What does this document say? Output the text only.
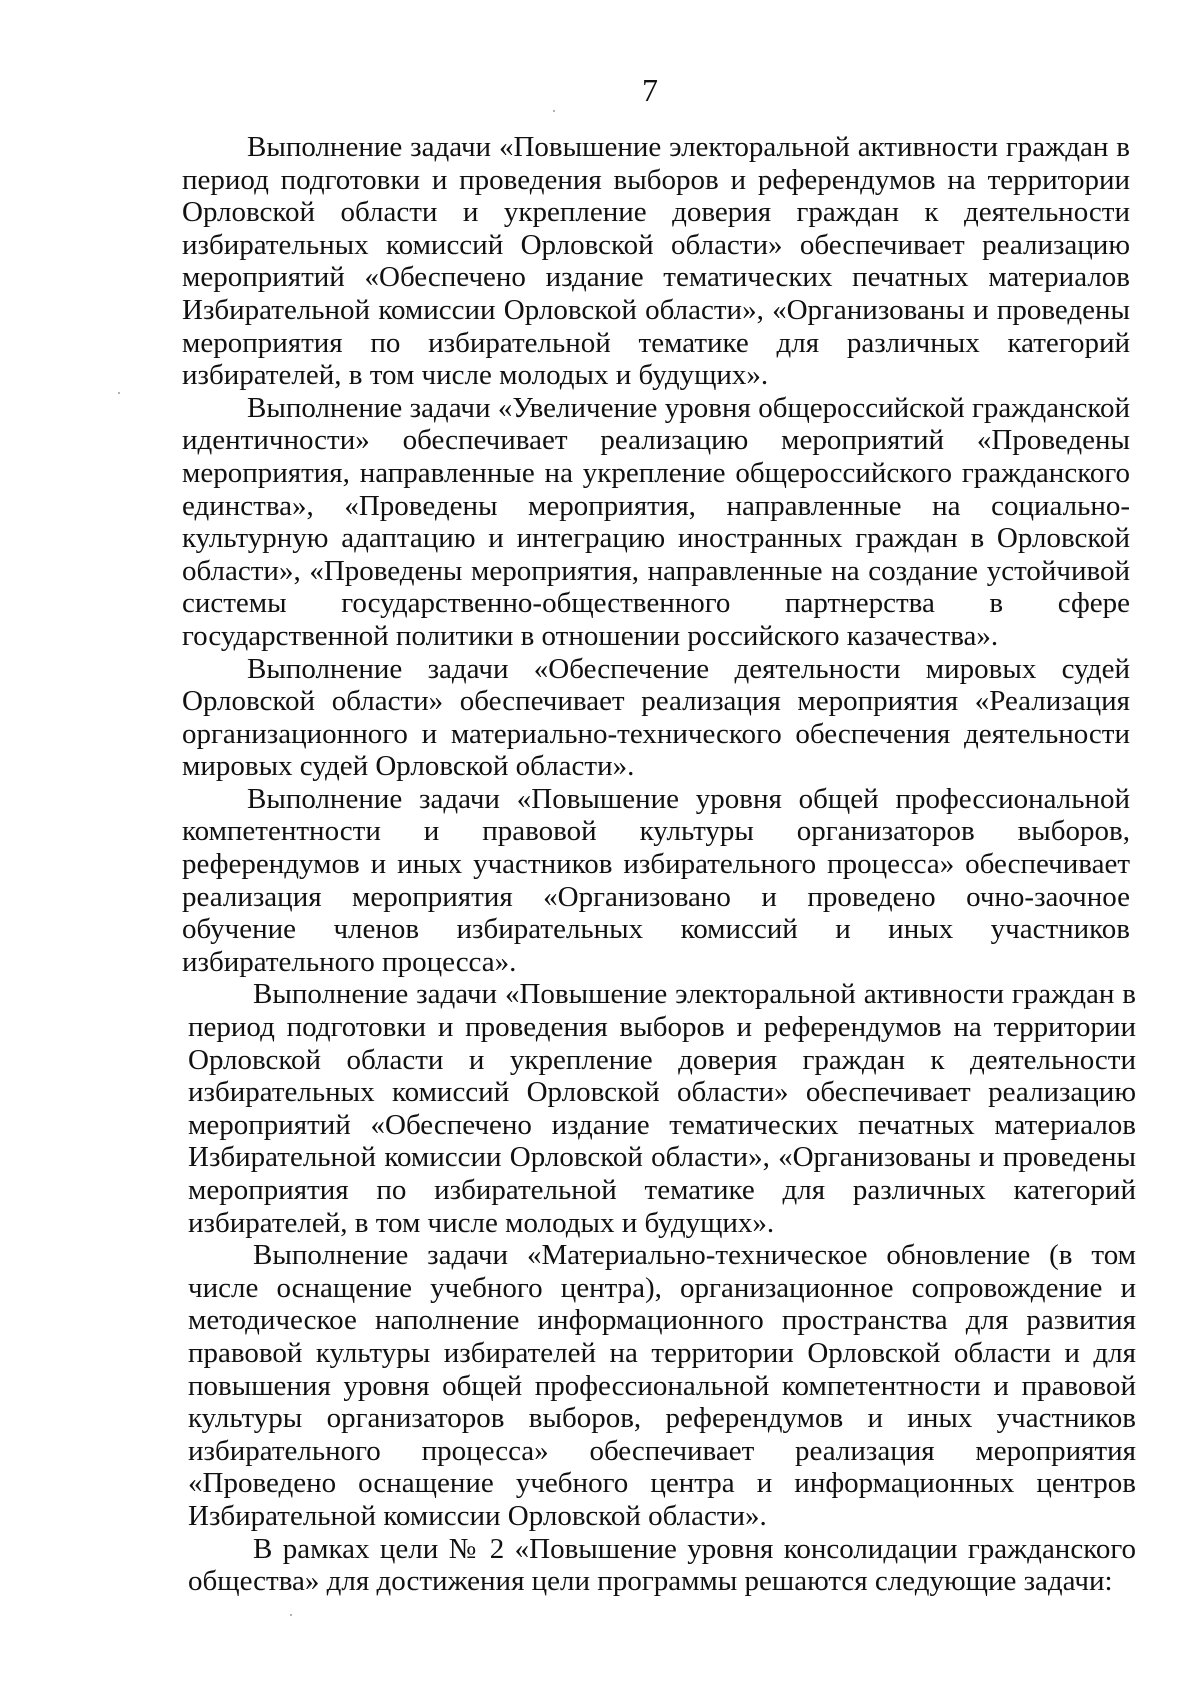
7

Выполнение задачи «Повышение электоральной активности граждан в период подготовки и проведения выборов и референдумов на территории Орловской области и укрепление доверия граждан к деятельности избирательных комиссий Орловской области» обеспечивает реализацию мероприятий «Обеспечено издание тематических печатных материалов Избирательной комиссии Орловской области», «Организованы и проведены мероприятия по избирательной тематике для различных категорий избирателей, в том числе молодых и будущих».

Выполнение задачи «Увеличение уровня общероссийской гражданской идентичности» обеспечивает реализацию мероприятий «Проведены мероприятия, направленные на укрепление общероссийского гражданского единства», «Проведены мероприятия, направленные на социально-культурную адаптацию и интеграцию иностранных граждан в Орловской области», «Проведены мероприятия, направленные на создание устойчивой системы государственно-общественного партнерства в сфере государственной политики в отношении российского казачества».

Выполнение задачи «Обеспечение деятельности мировых судей Орловской области» обеспечивает реализация мероприятия «Реализация организационного и материально-технического обеспечения деятельности мировых судей Орловской области».

Выполнение задачи «Повышение уровня общей профессиональной компетентности и правовой культуры организаторов выборов, референдумов и иных участников избирательного процесса» обеспечивает реализация мероприятия «Организовано и проведено очно-заочное обучение членов избирательных комиссий и иных участников избирательного процесса».

Выполнение задачи «Повышение электоральной активности граждан в период подготовки и проведения выборов и референдумов на территории Орловской области и укрепление доверия граждан к деятельности избирательных комиссий Орловской области» обеспечивает реализацию мероприятий «Обеспечено издание тематических печатных материалов Избирательной комиссии Орловской области», «Организованы и проведены мероприятия по избирательной тематике для различных категорий избирателей, в том числе молодых и будущих».

Выполнение задачи «Материально-техническое обновление (в том числе оснащение учебного центра), организационное сопровождение и методическое наполнение информационного пространства для развития правовой культуры избирателей на территории Орловской области и для повышения уровня общей профессиональной компетентности и правовой культуры организаторов выборов, референдумов и иных участников избирательного процесса» обеспечивает реализация мероприятия «Проведено оснащение учебного центра и информационных центров Избирательной комиссии Орловской области».

В рамках цели № 2 «Повышение уровня консолидации гражданского общества» для достижения цели программы решаются следующие задачи:
